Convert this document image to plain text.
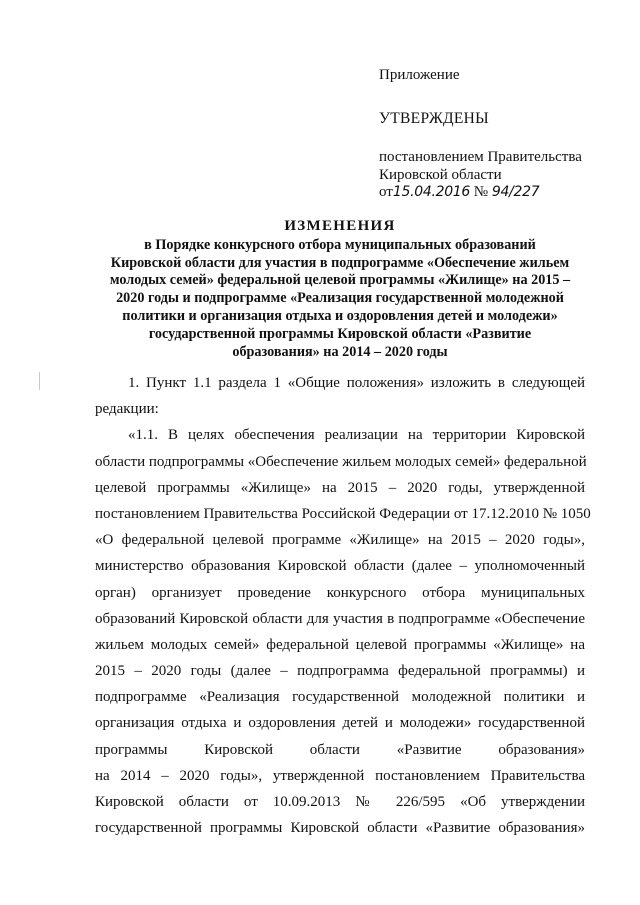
Приложение
УТВЕРЖДЕНЫ
постановлением Правительства
Кировской области
от15.04.2016 № 94/227
ИЗМЕНЕНИЯ
в Порядке конкурсного отбора муниципальных образований
Кировской области для участия в подпрограмме «Обеспечение жильем
молодых семей» федеральной целевой программы «Жилище» на 2015 –
2020 годы и подпрограмме «Реализация государственной молодежной
политики и организация отдыха и оздоровления детей и молодежи»
государственной программы Кировской области «Развитие
образования» на 2014 – 2020 годы
1. Пункт 1.1 раздела 1 «Общие положения» изложить в следующей
редакции:
«1.1. В целях обеспечения реализации на территории Кировской
области подпрограммы «Обеспечение жильем молодых семей» федеральной
целевой программы «Жилище» на 2015 – 2020 годы, утвержденной
постановлением Правительства Российской Федерации от 17.12.2010 № 1050
«О федеральной целевой программе «Жилище» на 2015 – 2020 годы»,
министерство образования Кировской области (далее – уполномоченный
орган) организует проведение конкурсного отбора муниципальных
образований Кировской области для участия в подпрограмме «Обеспечение
жильем молодых семей» федеральной целевой программы «Жилище» на
2015 – 2020 годы (далее – подпрограмма федеральной программы) и
подпрограмме «Реализация государственной молодежной политики и
организация отдыха и оздоровления детей и молодежи» государственной
программы Кировской области «Развитие образования»
на 2014 – 2020 годы», утвержденной постановлением Правительства
Кировской области от 10.09.2013 № 226/595 «Об утверждении
государственной программы Кировской области «Развитие образования»
